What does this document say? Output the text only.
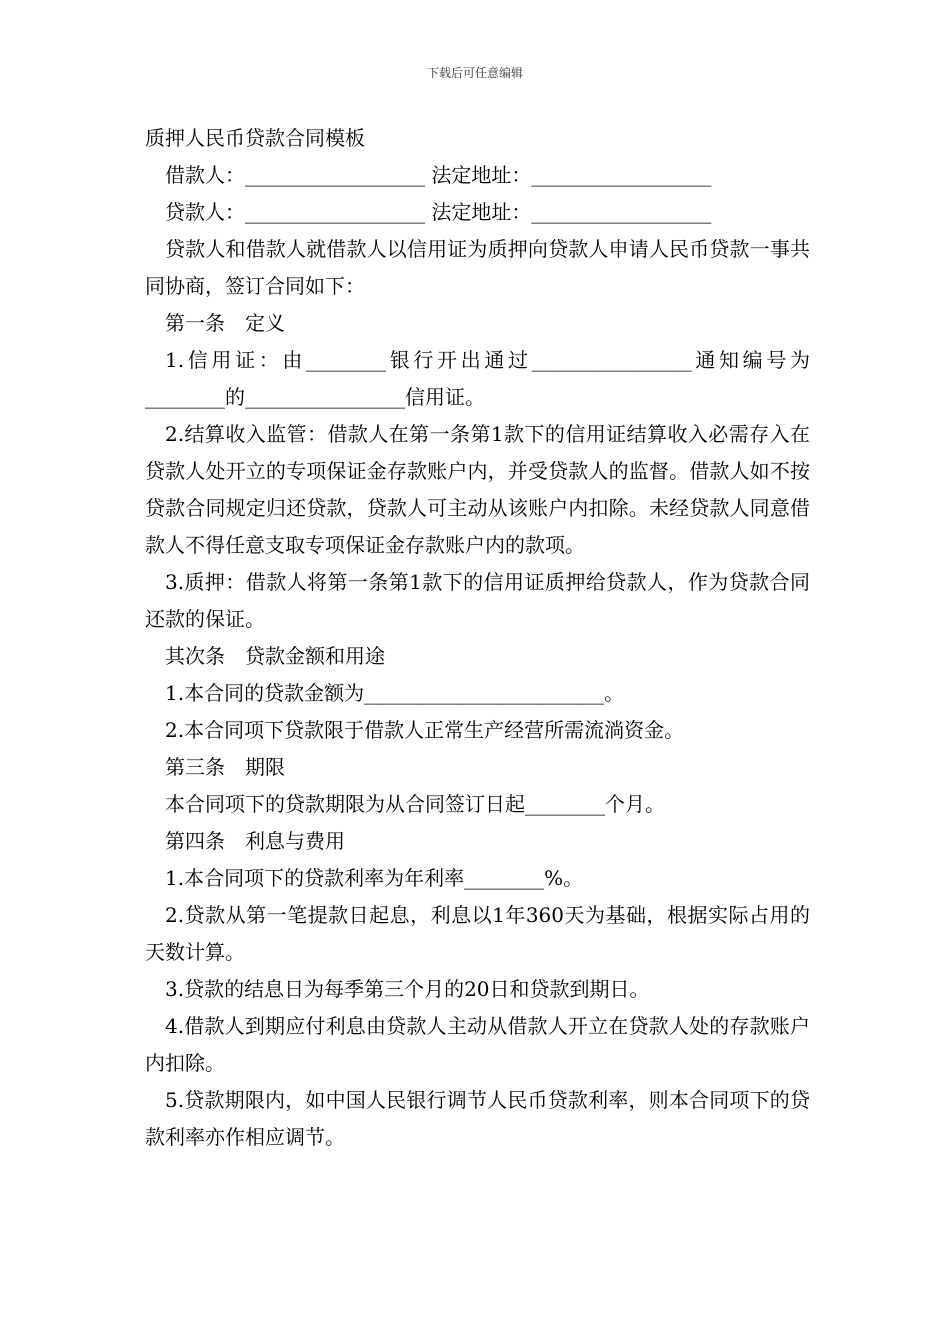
下载后可任意编辑

质押人民币贷款合同模板

借款人：__________________ 法定地址：__________________

贷款人：__________________ 法定地址：__________________

贷款人和借款人就借款人以信用证为质押向贷款人申请人民币贷款一事共同协商，签订合同如下：

第一条　定义

1.信用证：由________银行开出通过________________通知编号为________的________________信用证。

2.结算收入监管：借款人在第一条第1款下的信用证结算收入必需存入在贷款人处开立的专项保证金存款账户内，并受贷款人的监督。借款人如不按贷款合同规定归还贷款，贷款人可主动从该账户内扣除。未经贷款人同意借款人不得任意支取专项保证金存款账户内的款项。

3.质押：借款人将第一条第1款下的信用证质押给贷款人，作为贷款合同还款的保证。

其次条　贷款金额和用途

1.本合同的贷款金额为________________________。

2.本合同项下贷款限于借款人正常生产经营所需流淌资金。

第三条　期限

本合同项下的贷款期限为从合同签订日起________个月。

第四条　利息与费用

1.本合同项下的贷款利率为年利率________%。

2.贷款从第一笔提款日起息，利息以1年360天为基础，根据实际占用的天数计算。

3.贷款的结息日为每季第三个月的20日和贷款到期日。

4.借款人到期应付利息由贷款人主动从借款人开立在贷款人处的存款账户内扣除。

5.贷款期限内，如中国人民银行调节人民币贷款利率，则本合同项下的贷款利率亦作相应调节。
